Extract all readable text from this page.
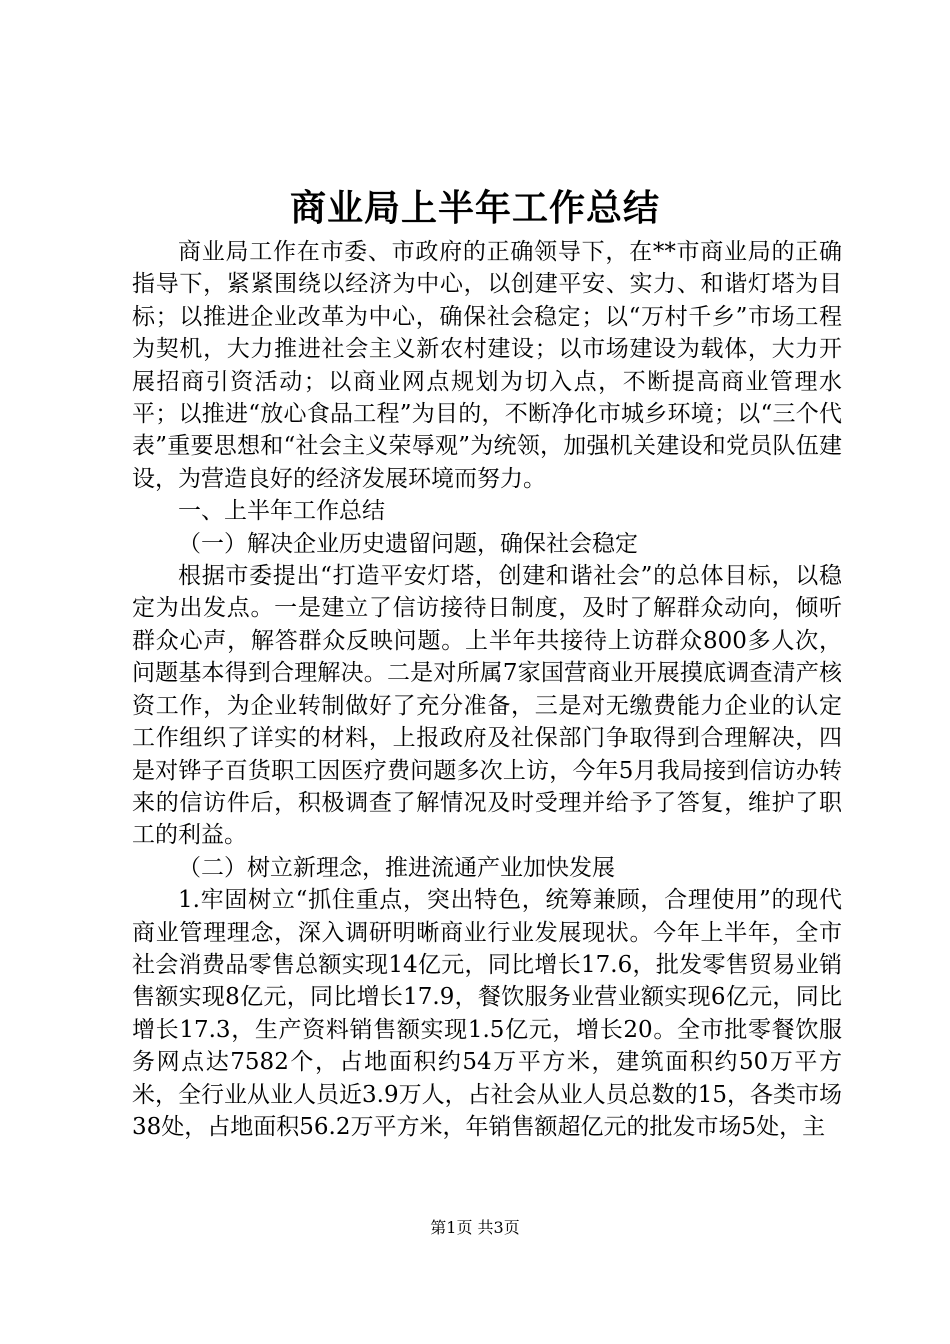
商业局上半年工作总结

商业局工作在市委、市政府的正确领导下，在**市商业局的正确指导下，紧紧围绕以经济为中心，以创建平安、实力、和谐灯塔为目标；以推进企业改革为中心，确保社会稳定；以“万村千乡”市场工程为契机，大力推进社会主义新农村建设；以市场建设为载体，大力开展招商引资活动；以商业网点规划为切入点，不断提高商业管理水平；以推进“放心食品工程”为目的，不断净化市城乡环境；以“三个代表”重要思想和“社会主义荣辱观”为统领，加强机关建设和党员队伍建设，为营造良好的经济发展环境而努力。

一、上半年工作总结

（一）解决企业历史遗留问题，确保社会稳定

根据市委提出“打造平安灯塔，创建和谐社会”的总体目标，以稳定为出发点。一是建立了信访接待日制度，及时了解群众动向，倾听群众心声，解答群众反映问题。上半年共接待上访群众800多人次，问题基本得到合理解决。二是对所属7家国营商业开展摸底调查清产核资工作，为企业转制做好了充分准备，三是对无缴费能力企业的认定工作组织了详实的材料，上报政府及社保部门争取得到合理解决，四是对铧子百货职工因医疗费问题多次上访，今年5月我局接到信访办转来的信访件后，积极调查了解情况及时受理并给予了答复，维护了职工的利益。

（二）树立新理念，推进流通产业加快发展

1.牢固树立“抓住重点，突出特色，统筹兼顾，合理使用”的现代商业管理理念，深入调研明晰商业行业发展现状。今年上半年，全市社会消费品零售总额实现14亿元，同比增长17.6，批发零售贸易业销售额实现8亿元，同比增长17.9，餐饮服务业营业额实现6亿元，同比增长17.3，生产资料销售额实现1.5亿元，增长20。全市批零餐饮服务网点达7582个，占地面积约54万平方米，建筑面积约50万平方米，全行业从业人员近3.9万人，占社会从业人员总数的15，各类市场38处，占地面积56.2万平方米，年销售额超亿元的批发市场5处，主

第1页 共3页
